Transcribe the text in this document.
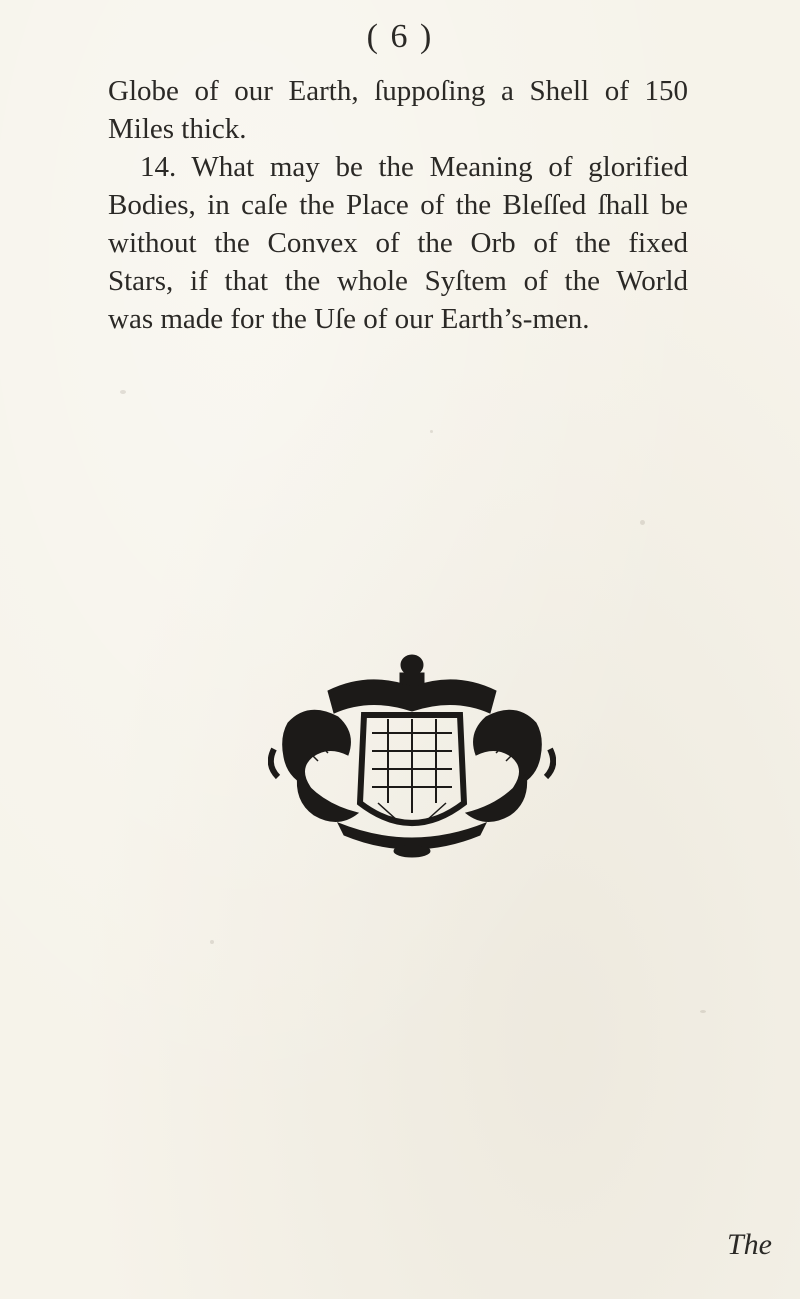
( 6 )
Globe of our Earth, ſuppoſing a Shell of 150
Miles thick.
14. What may be the Meaning of glorified
Bodies, in caſe the Place of the Bleſſed ſhall be
without the Convex of the Orb of the fixed
Stars, if that the whole Syſtem of the World
was made for the Uſe of our Earth’s-men.
The
